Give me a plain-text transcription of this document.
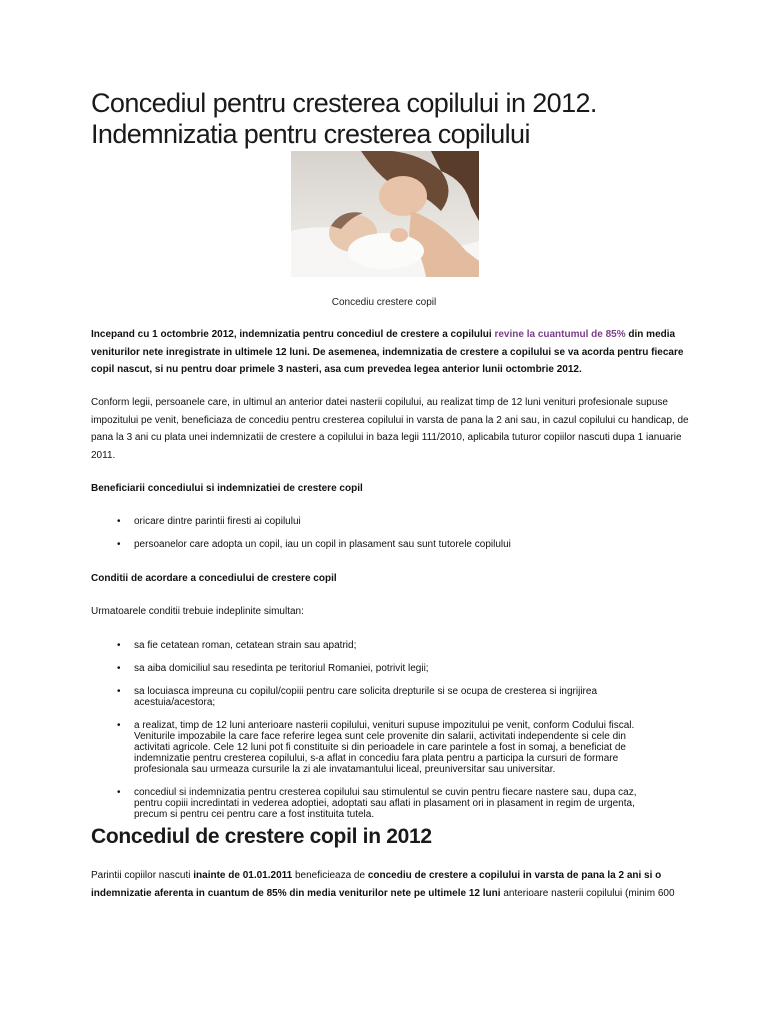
Concediul pentru cresterea copilului in 2012.
Indemnizatia pentru cresterea copilului
Concediu crestere copil

Incepand cu 1 octombrie 2012, indemnizatia pentru concediul de crestere a copilului revine la cuantumul de 85% din media veniturilor nete inregistrate in ultimele 12 luni. De asemenea, indemnizatia de crestere a copilului se va acorda pentru fiecare copil nascut, si nu pentru doar primele 3 nasteri, asa cum prevedea legea anterior lunii octombrie 2012.

Conform legii, persoanele care, in ultimul an anterior datei nasterii copilului, au realizat timp de 12 luni venituri profesionale supuse impozitului pe venit, beneficiaza de concediu pentru cresterea copilului in varsta de pana la 2 ani sau, in cazul copilului cu handicap, de pana la 3 ani cu plata unei indemnizatii de crestere a copilului in baza legii 111/2010, aplicabila tuturor copiilor nascuti dupa 1 ianuarie 2011.

Beneficiarii concediului si indemnizatiei de crestere copil

• oricare dintre parintii firesti ai copilului
• persoanelor care adopta un copil, iau un copil in plasament sau sunt tutorele copilului

Conditii de acordare a concediului de crestere copil

Urmatoarele conditii trebuie indeplinite simultan:

• sa fie cetatean roman, cetatean strain sau apatrid;
• sa aiba domiciliul sau resedinta pe teritoriul Romaniei, potrivit legii;
• sa locuiasca impreuna cu copilul/copiii pentru care solicita drepturile si se ocupa de cresterea si ingrijirea acestuia/acestora;
• a realizat, timp de 12 luni anterioare nasterii copilului, venituri supuse impozitului pe venit, conform Codului fiscal. Veniturile impozabile la care face referire legea sunt cele provenite din salarii, activitati independente si cele din activitati agricole. Cele 12 luni pot fi constituite si din perioadele in care parintele a fost in somaj, a beneficiat de indemnizatie pentru cresterea copilului, s-a aflat in concediu fara plata pentru a participa la cursuri de formare profesionala sau urmeaza cursurile la zi ale invatamantului liceal, preuniversitar sau universitar.
• concediul si indemnizatia pentru cresterea copilului sau stimulentul se cuvin pentru fiecare nastere sau, dupa caz, pentru copiii incredintati in vederea adoptiei, adoptati sau aflati in plasament ori in plasament in regim de urgenta, precum si pentru cei pentru care a fost instituita tutela.
Concediul de crestere copil in 2012

Parintii copiilor nascuti inainte de 01.01.2011 beneficieaza de concediu de crestere a copilului in varsta de pana la 2 ani si o indemnizatie aferenta in cuantum de 85% din media veniturilor nete pe ultimele 12 luni anterioare nasterii copilului (minim 600
